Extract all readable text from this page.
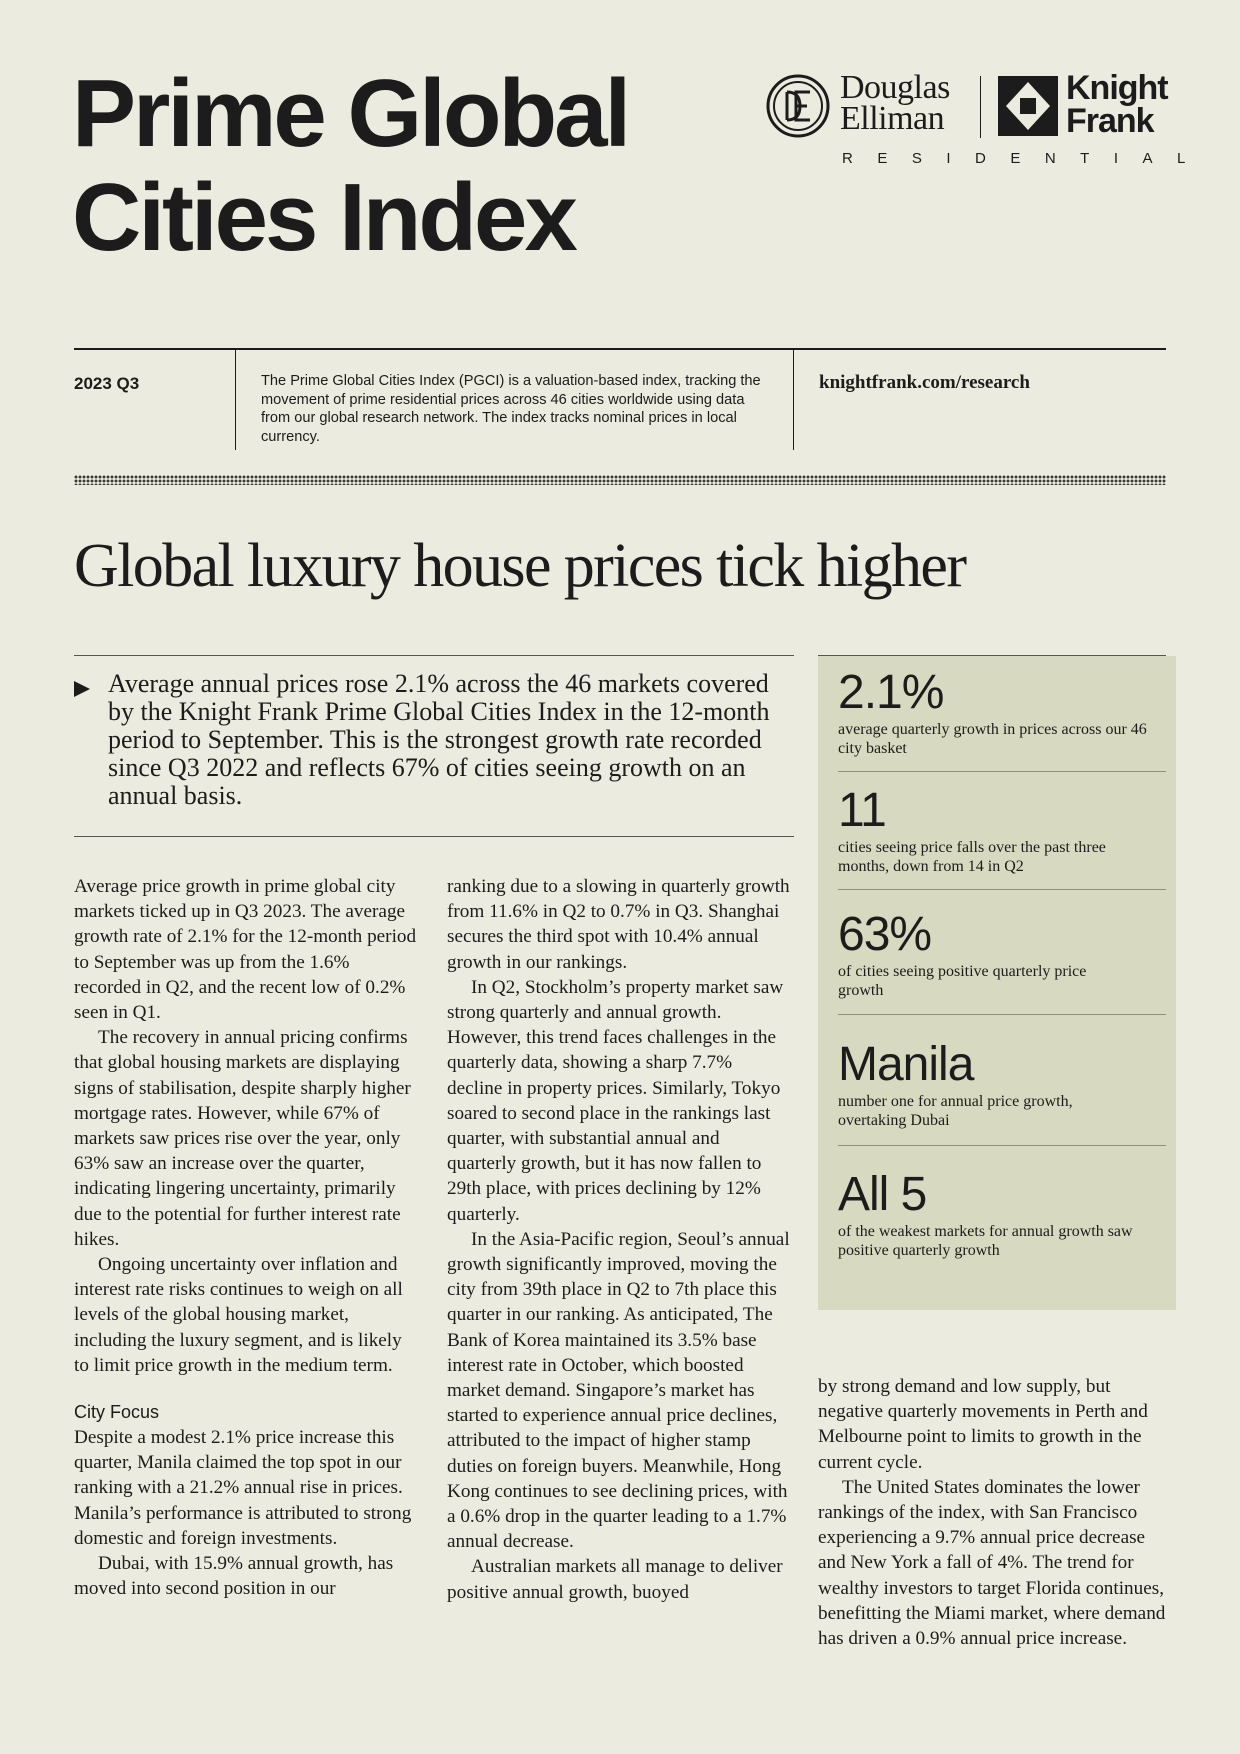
Prime Global
Cities Index
Douglas
Elliman
Knight
Frank
RESIDENTIAL
2023 Q3	The Prime Global Cities Index (PGCI) is a valuation-based index, tracking the movement of prime residential prices across 46 cities worldwide using data from our global research network. The index tracks nominal prices in local currency.
knightfrank.com/research
Global luxury house prices tick higher

Average annual prices rose 2.1% across the 46 markets covered by the Knight Frank Prime Global Cities Index in the 12-month period to September. This is the strongest growth rate recorded since Q3 2022 and reflects 67% of cities seeing growth on an annual basis.

2.1%
average quarterly growth in prices across our 46 city basket
11
cities seeing price falls over the past three months, down from 14 in Q2
63%
of cities seeing positive quarterly price growth
Manila
number one for annual price growth, overtaking Dubai
All 5
of the weakest markets for annual growth saw positive quarterly growth

Average price growth in prime global city markets ticked up in Q3 2023. The average growth rate of 2.1% for the 12-month period to September was up from the 1.6% recorded in Q2, and the recent low of 0.2% seen in Q1.

The recovery in annual pricing confirms that global housing markets are displaying signs of stabilisation, despite sharply higher mortgage rates. However, while 67% of markets saw prices rise over the year, only 63% saw an increase over the quarter, indicating lingering uncertainty, primarily due to the potential for further interest rate hikes.

Ongoing uncertainty over inflation and interest rate risks continues to weigh on all levels of the global housing market, including the luxury segment, and is likely to limit price growth in the medium term.

City Focus

Despite a modest 2.1% price increase this quarter, Manila claimed the top spot in our ranking with a 21.2% annual rise in prices. Manila’s performance is attributed to strong domestic and foreign investments.

Dubai, with 15.9% annual growth, has moved into second position in our

ranking due to a slowing in quarterly growth from 11.6% in Q2 to 0.7% in Q3. Shanghai secures the third spot with 10.4% annual growth in our rankings.

In Q2, Stockholm’s property market saw strong quarterly and annual growth. However, this trend faces challenges in the quarterly data, showing a sharp 7.7% decline in property prices. Similarly, Tokyo soared to second place in the rankings last quarter, with substantial annual and quarterly growth, but it has now fallen to 29th place, with prices declining by 12% quarterly.

In the Asia-Pacific region, Seoul’s annual growth significantly improved, moving the city from 39th place in Q2 to 7th place this quarter in our ranking. As anticipated, The Bank of Korea maintained its 3.5% base interest rate in October, which boosted market demand. Singapore’s market has started to experience annual price declines, attributed to the impact of higher stamp duties on foreign buyers. Meanwhile, Hong Kong continues to see declining prices, with a 0.6% drop in the quarter leading to a 1.7% annual decrease.

Australian markets all manage to deliver positive annual growth, buoyed

by strong demand and low supply, but negative quarterly movements in Perth and Melbourne point to limits to growth in the current cycle.

The United States dominates the lower rankings of the index, with San Francisco experiencing a 9.7% annual price decrease and New York a fall of 4%. The trend for wealthy investors to target Florida continues, benefitting the Miami market, where demand has driven a 0.9% annual price increase.
